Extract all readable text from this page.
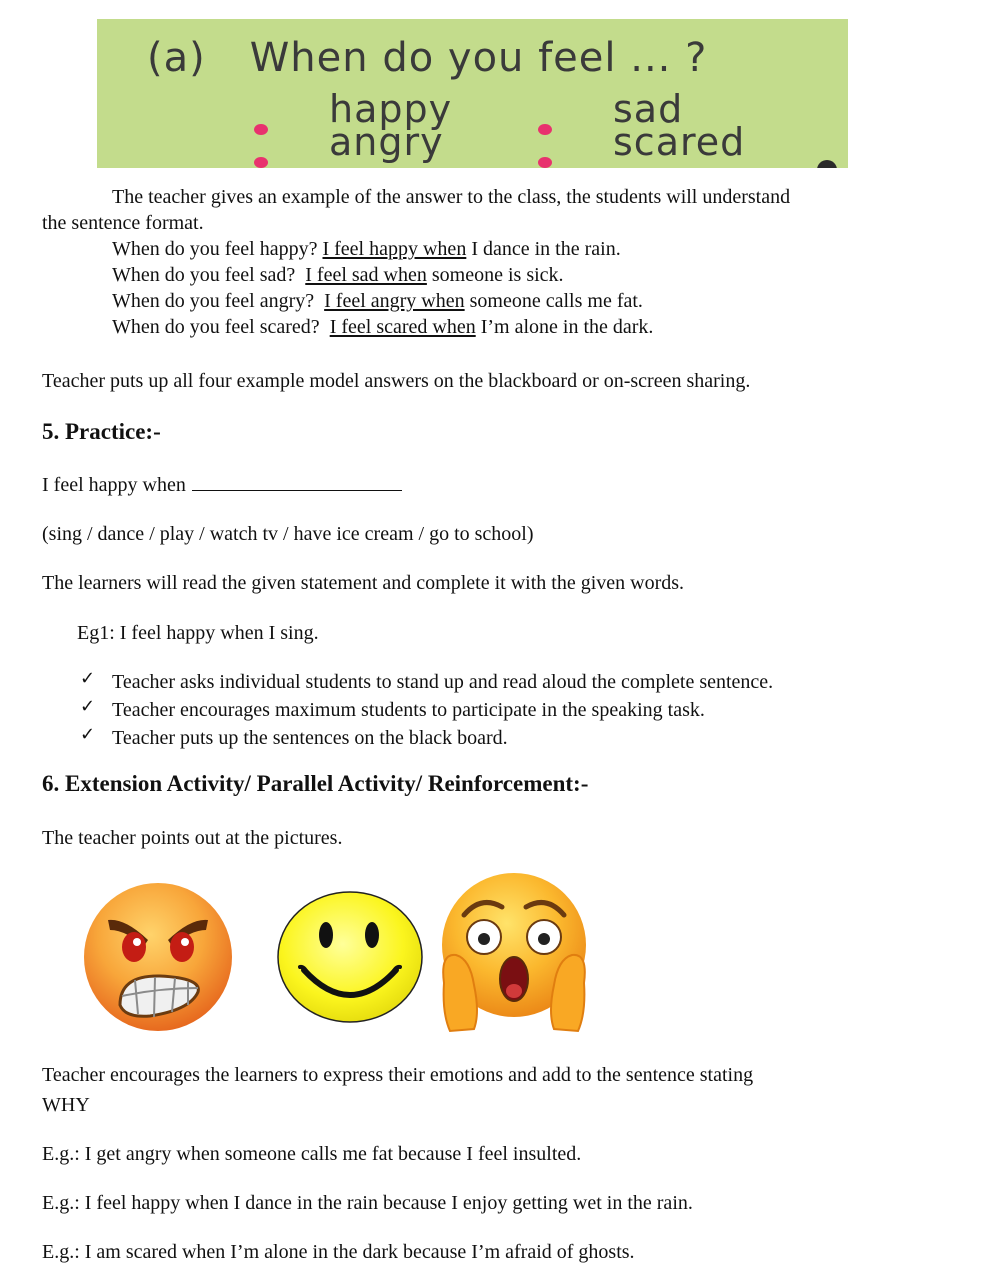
(a) When do you feel ... ?
happy	sad
angry	scared

The teacher gives an example of the answer to the class, the students will understand

the sentence format.

When do you feel happy? I feel happy when I dance in the rain.

When do you feel sad?  I feel sad when someone is sick.

When do you feel angry?  I feel angry when someone calls me fat.

When do you feel scared?  I feel scared when I’m alone in the dark.

Teacher puts up all four example model answers on the blackboard or on-screen sharing.

5. Practice:-

I feel happy when

(sing / dance / play / watch tv / have ice cream / go to school)

The learners will read the given statement and complete it with the given words.

Eg1: I feel happy when I sing.

✓ Teacher asks individual students to stand up and read aloud the complete sentence.

✓ Teacher encourages maximum students to participate in the speaking task.

✓ Teacher puts up the sentences on the black board.

6. Extension Activity/ Parallel Activity/ Reinforcement:-

The teacher points out at the pictures.

Teacher encourages the learners to express their emotions and add to the sentence stating

WHY

E.g.: I get angry when someone calls me fat because I feel insulted.

E.g.: I feel happy when I dance in the rain because I enjoy getting wet in the rain.

E.g.: I am scared when I’m alone in the dark because I’m afraid of ghosts.
